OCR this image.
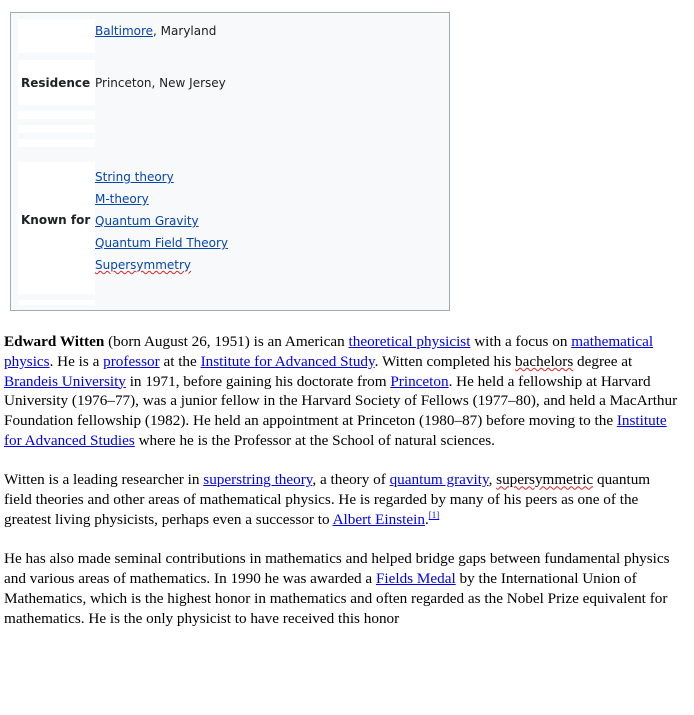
Baltimore, Maryland
Residence Princeton, New Jersey
Known for
String theory
M-theory
Quantum Gravity
Quantum Field Theory
Supersymmetry

Edward Witten (born August 26, 1951) is an American theoretical physicist with a focus on mathematical physics. He is a professor at the Institute for Advanced Study. Witten completed his bachelors degree at Brandeis University in 1971, before gaining his doctorate from Princeton. He held a fellowship at Harvard University (1976–77), was a junior fellow in the Harvard Society of Fellows (1977–80), and held a MacArthur Foundation fellowship (1982). He held an appointment at Princeton (1980–87) before moving to the Institute for Advanced Studies where he is the Professor at the School of natural sciences.

Witten is a leading researcher in superstring theory, a theory of quantum gravity, supersymmetric quantum field theories and other areas of mathematical physics. He is regarded by many of his peers as one of the greatest living physicists, perhaps even a successor to Albert Einstein.[1]

He has also made seminal contributions in mathematics and helped bridge gaps between fundamental physics and various areas of mathematics. In 1990 he was awarded a Fields Medal by the International Union of Mathematics, which is the highest honor in mathematics and often regarded as the Nobel Prize equivalent for mathematics. He is the only physicist to have received this honor
